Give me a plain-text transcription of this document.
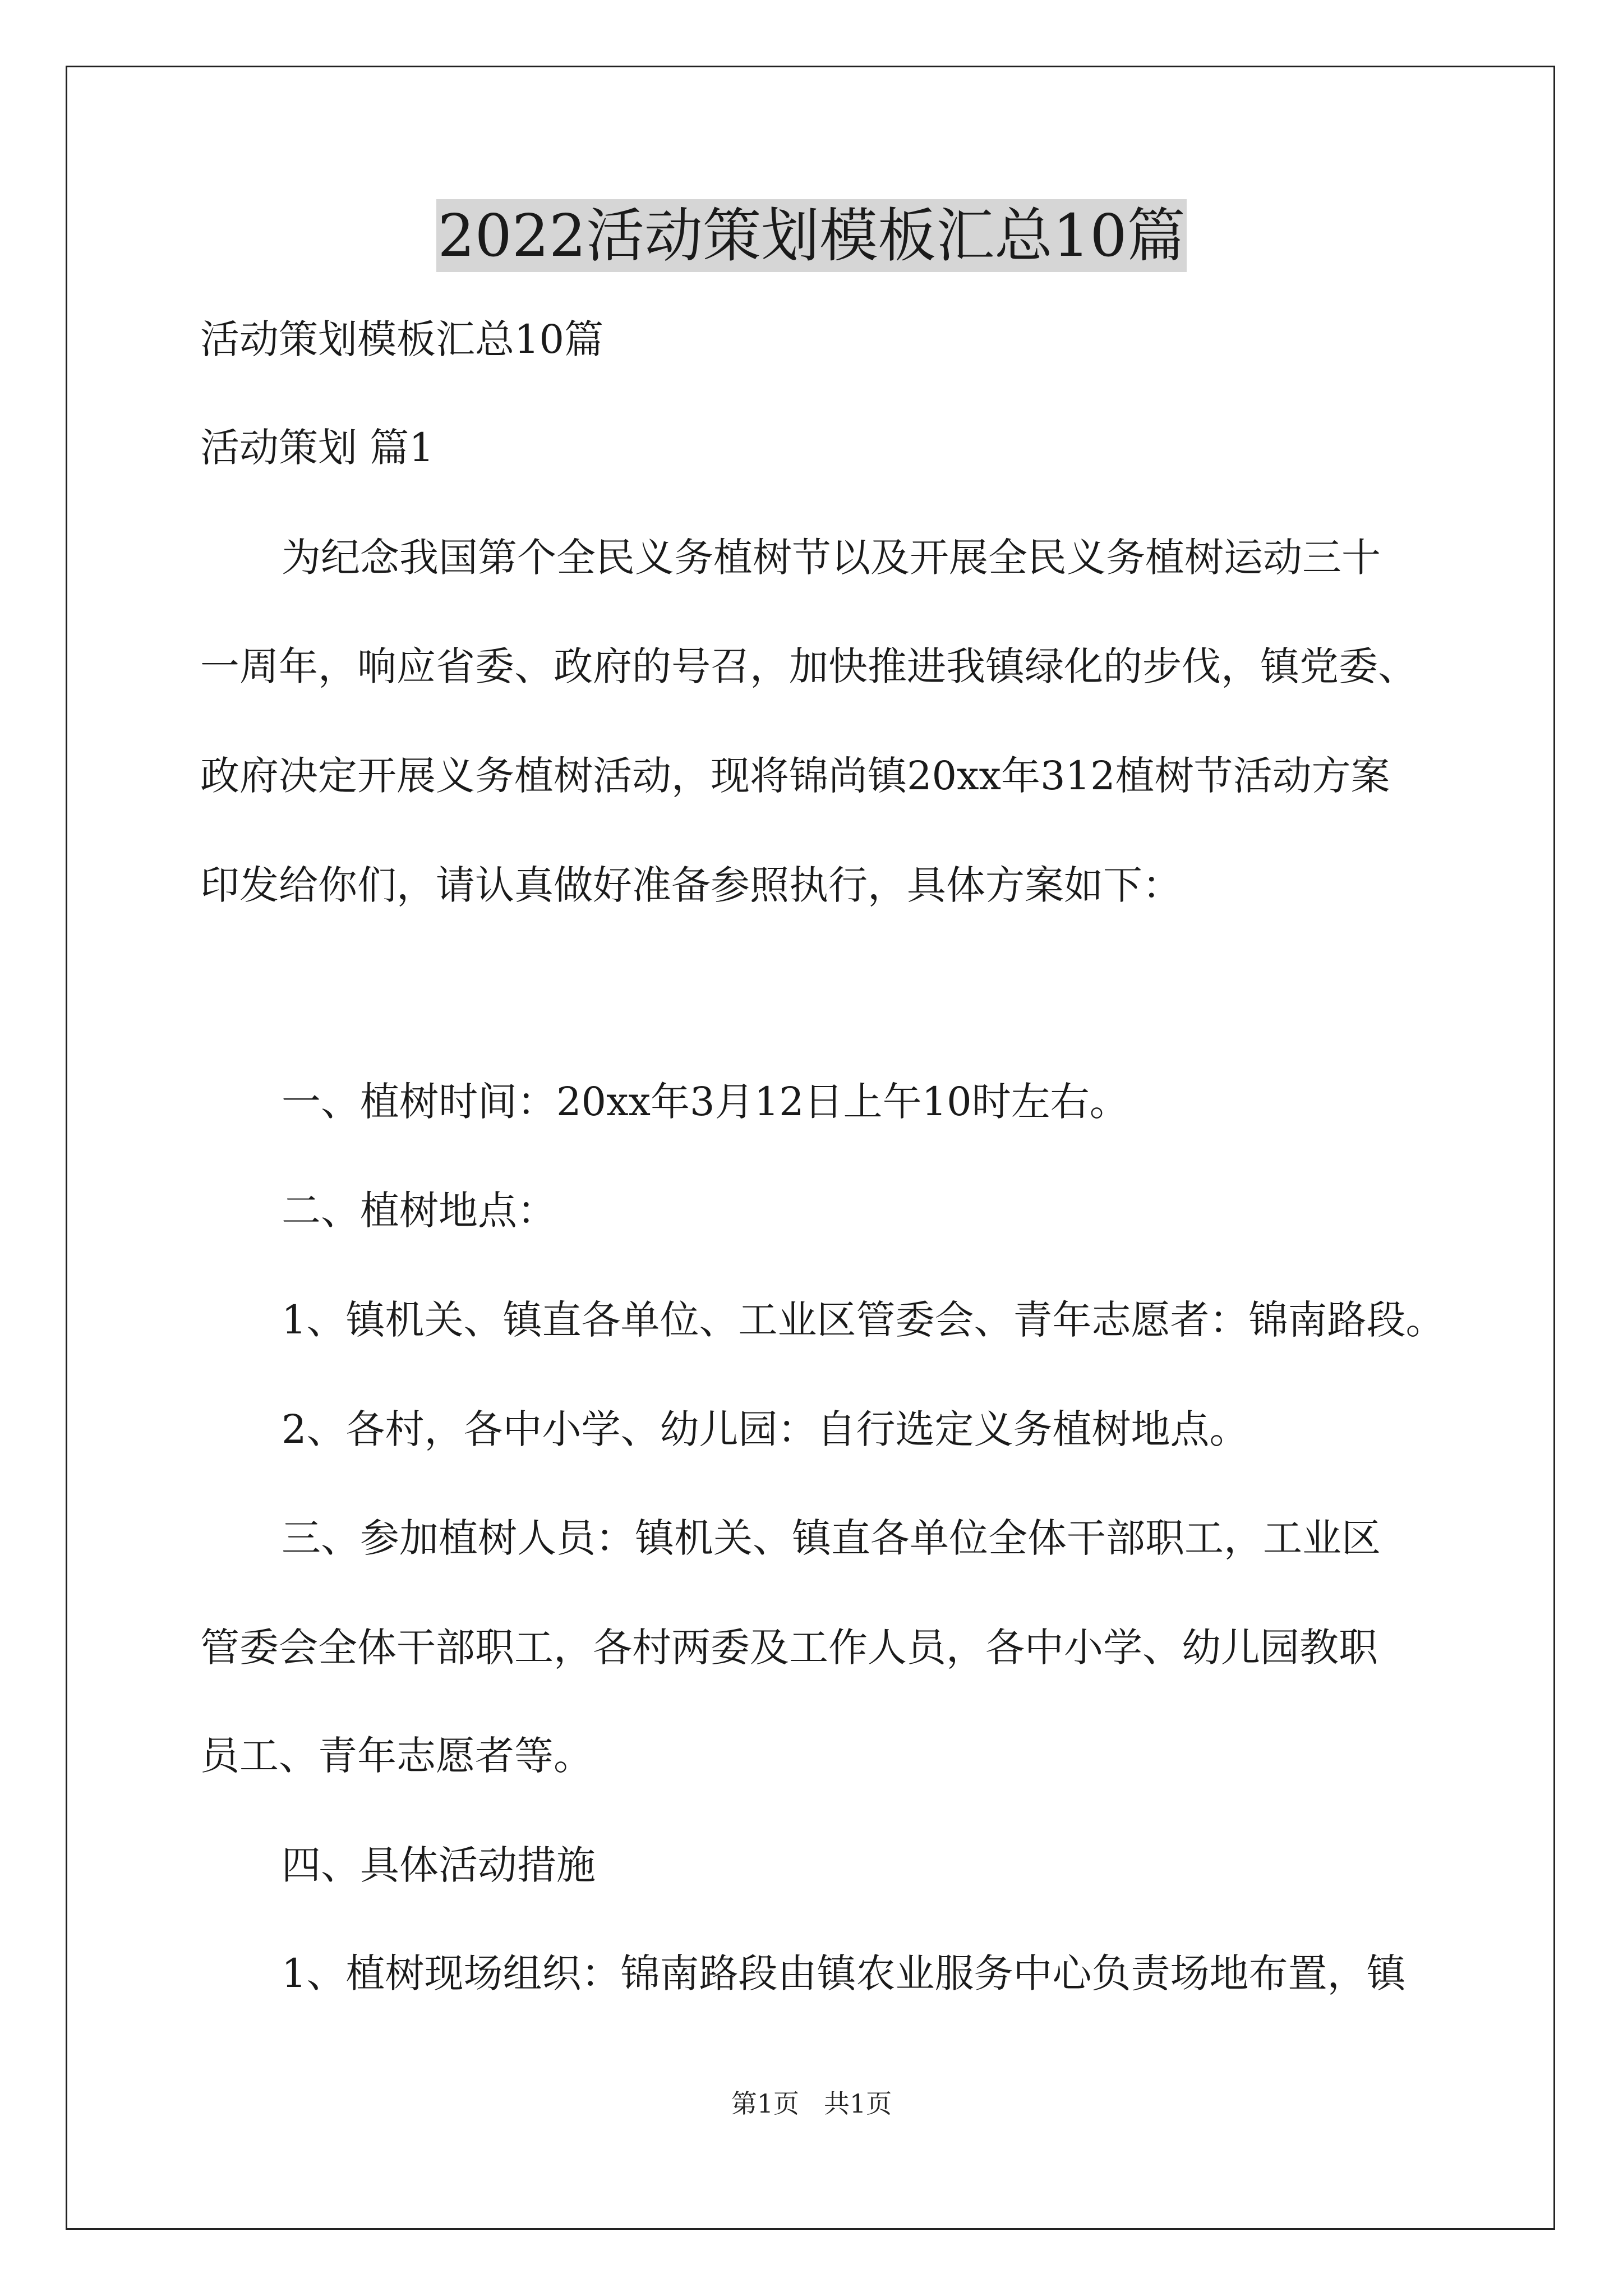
2022活动策划模板汇总10篇
活动策划模板汇总10篇
活动策划 篇1
为纪念我国第个全民义务植树节以及开展全民义务植树运动三十
一周年，响应省委、政府的号召，加快推进我镇绿化的步伐，镇党委、
政府决定开展义务植树活动，现将锦尚镇20xx年312植树节活动方案
印发给你们，请认真做好准备参照执行，具体方案如下：
一、植树时间：20xx年3月12日上午10时左右。
二、植树地点：
1、镇机关、镇直各单位、工业区管委会、青年志愿者：锦南路段。
2、各村，各中小学、幼儿园：自行选定义务植树地点。
三、参加植树人员：镇机关、镇直各单位全体干部职工，工业区
管委会全体干部职工，各村两委及工作人员，各中小学、幼儿园教职
员工、青年志愿者等。
四、具体活动措施
1、植树现场组织：锦南路段由镇农业服务中心负责场地布置，镇
第1页 共1页
